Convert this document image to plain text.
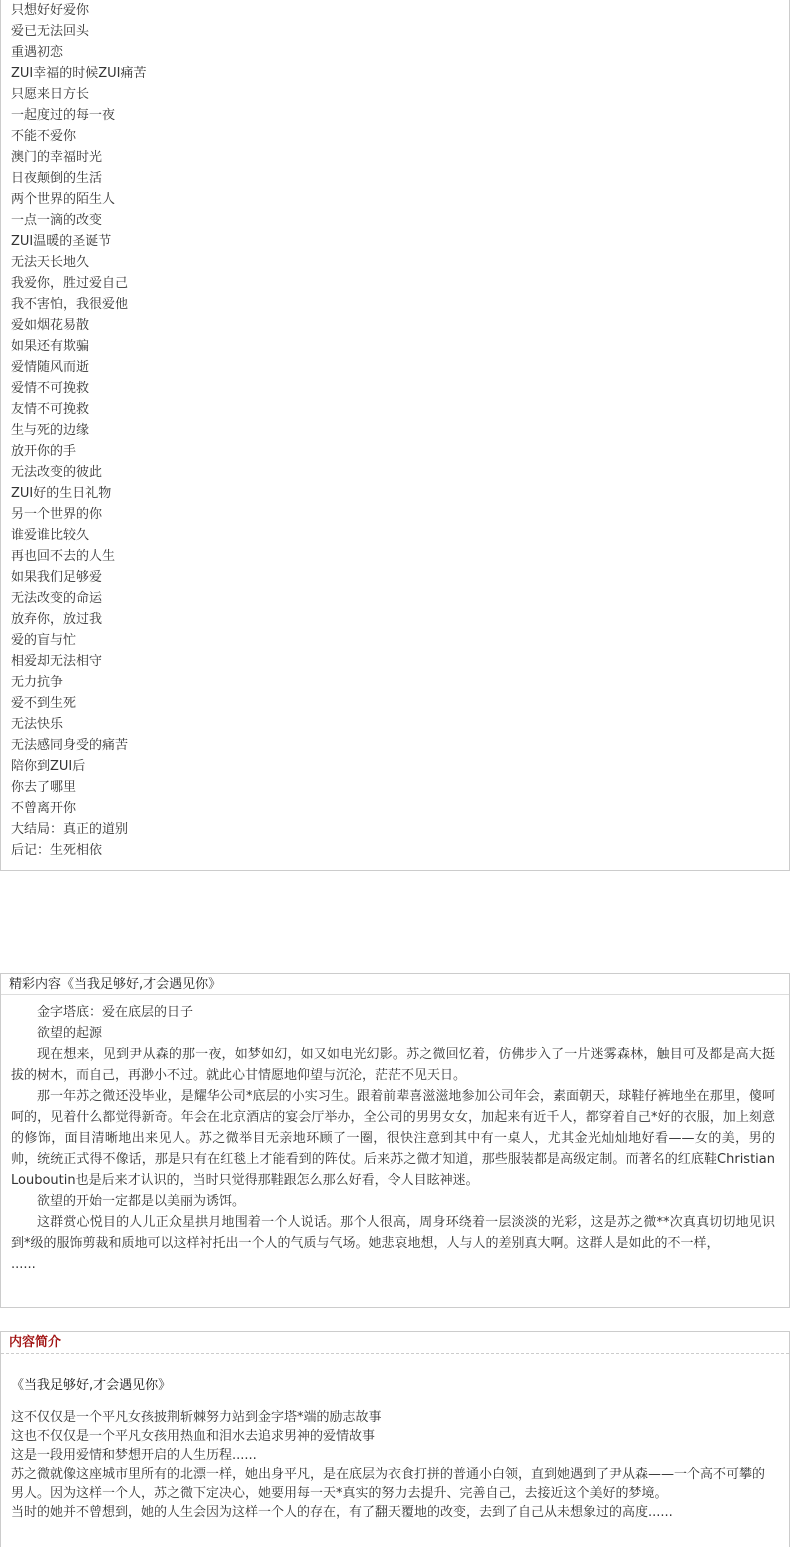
只想好好爱你
爱已无法回头
重遇初恋
ZUI幸福的时候ZUI痛苦
只愿来日方长
一起度过的每一夜
不能不爱你
澳门的幸福时光
日夜颠倒的生活
两个世界的陌生人
一点一滴的改变
ZUI温暖的圣诞节
无法天长地久
我爱你，胜过爱自己
我不害怕，我很爱他
爱如烟花易散
如果还有欺骗
爱情随风而逝
爱情不可挽救
友情不可挽救
生与死的边缘
放开你的手
无法改变的彼此
ZUI好的生日礼物
另一个世界的你
谁爱谁比较久
再也回不去的人生
如果我们足够爱
无法改变的命运
放弃你，放过我
爱的盲与忙
相爱却无法相守
无力抗争
爱不到生死
无法快乐
无法感同身受的痛苦
陪你到ZUI后
你去了哪里
不曾离开你
大结局：真正的道别
后记：生死相依
精彩内容《当我足够好,才会遇见你》

金字塔底：爱在底层的日子

欲望的起源

现在想来，见到尹从森的那一夜，如梦如幻，如又如电光幻影。苏之微回忆着，仿佛步入了一片迷雾森林，触目可及都是高大挺拔的树木，而自己，再渺小不过。就此心甘情愿地仰望与沉沦，茫茫不见天日。

那一年苏之微还没毕业，是耀华公司*底层的小实习生。跟着前辈喜滋滋地参加公司年会，素面朝天，球鞋仔裤地坐在那里，傻呵呵的，见着什么都觉得新奇。年会在北京酒店的宴会厅举办，全公司的男男女女，加起来有近千人，都穿着自己*好的衣服，加上刻意的修饰，面目清晰地出来见人。苏之微举目无亲地环顾了一圈，很快注意到其中有一桌人，尤其金光灿灿地好看——女的美，男的帅，统统正式得不像话，那是只有在红毯上才能看到的阵仗。后来苏之微才知道，那些服装都是高级定制。而著名的红底鞋Christian Louboutin也是后来才认识的，当时只觉得那鞋跟怎么那么好看，令人目眩神迷。

欲望的开始一定都是以美丽为诱饵。

这群赏心悦目的人儿正众星拱月地围着一个人说话。那个人很高，周身环绕着一层淡淡的光彩，这是苏之微**次真真切切地见识到*级的服饰剪裁和质地可以这样衬托出一个人的气质与气场。她悲哀地想，人与人的差别真大啊。这群人是如此的不一样，

......

内容简介
《当我足够好,才会遇见你》

这不仅仅是一个平凡女孩披荆斩棘努力站到金字塔*端的励志故事

这也不仅仅是一个平凡女孩用热血和泪水去追求男神的爱情故事

这是一段用爱情和梦想开启的人生历程......

苏之微就像这座城市里所有的北漂一样，她出身平凡，是在底层为衣食打拼的普通小白领，直到她遇到了尹从森——一个高不可攀的男人。因为这样一个人，苏之微下定决心，她要用每一天*真实的努力去提升、完善自己，去接近这个美好的梦境。

当时的她并不曾想到，她的人生会因为这样一个人的存在，有了翻天覆地的改变，去到了自己从未想象过的高度......
